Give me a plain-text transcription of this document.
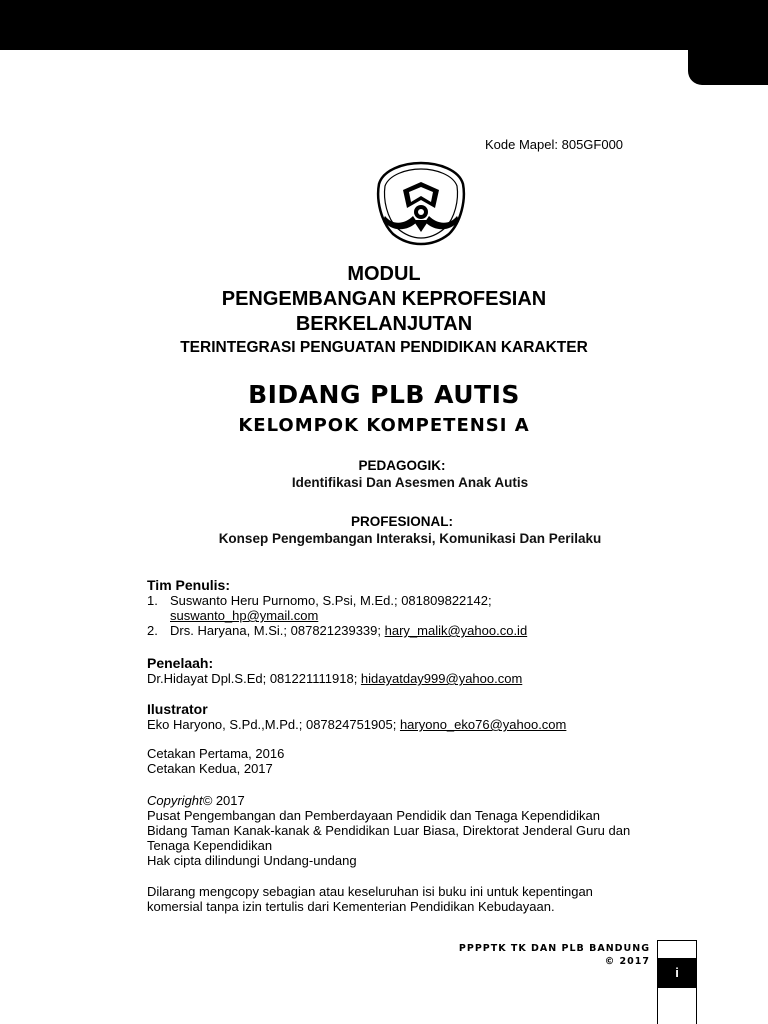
Kode Mapel: 805GF000
MODUL
PENGEMBANGAN KEPROFESIAN
BERKELANJUTAN
TERINTEGRASI PENGUATAN PENDIDIKAN KARAKTER
BIDANG PLB AUTIS
KELOMPOK KOMPETENSI A
PEDAGOGIK:
Identifikasi Dan Asesmen Anak Autis
PROFESIONAL:
Konsep Pengembangan Interaksi, Komunikasi Dan Perilaku
Tim Penulis:
1. Suswanto Heru Purnomo, S.Psi, M.Ed.; 081809822142;
suswanto_hp@ymail.com
2. Drs. Haryana, M.Si.; 087821239339; hary_malik@yahoo.co.id
Penelaah:
Dr.Hidayat Dpl.S.Ed; 081221111918; hidayatday999@yahoo.com
Ilustrator
Eko Haryono, S.Pd.,M.Pd.; 087824751905; haryono_eko76@yahoo.com
Cetakan Pertama, 2016
Cetakan Kedua, 2017
Copyright© 2017
Pusat Pengembangan dan Pemberdayaan Pendidik dan Tenaga Kependidikan
Bidang Taman Kanak-kanak & Pendidikan Luar Biasa, Direktorat Jenderal Guru dan
Tenaga Kependidikan
Hak cipta dilindungi Undang-undang
Dilarang mengcopy sebagian atau keseluruhan isi buku ini untuk kepentingan
komersial tanpa izin tertulis dari Kementerian Pendidikan Kebudayaan.
PPPPTK TK DAN PLB BANDUNG
© 2017
i
